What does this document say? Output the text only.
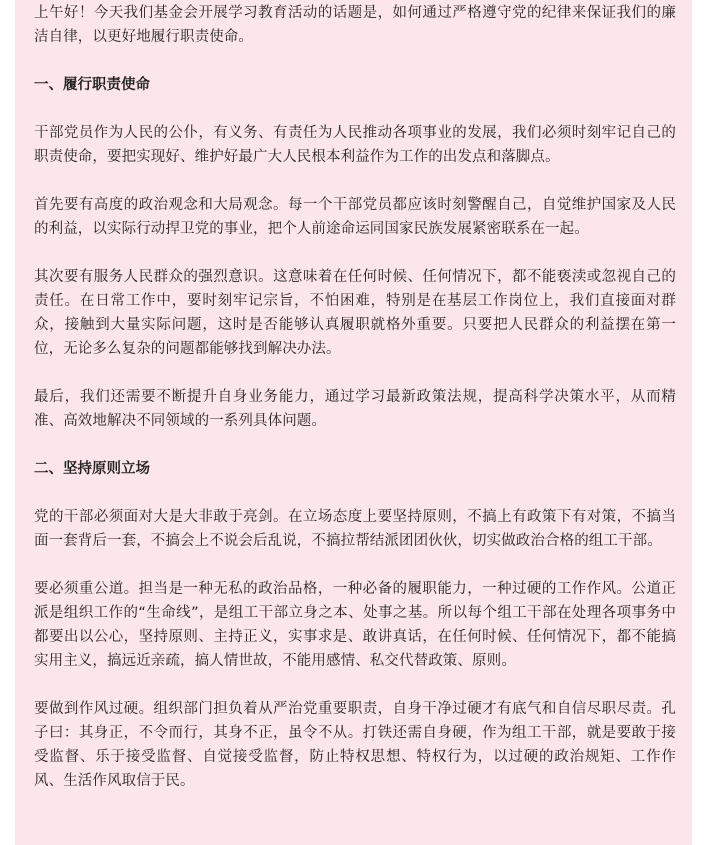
上午好！今天我们基金会开展学习教育活动的话题是，如何通过严格遵守党的纪律来保证我们的廉洁自律，以更好地履行职责使命。

一、履行职责使命

干部党员作为人民的公仆，有义务、有责任为人民推动各项事业的发展，我们必须时刻牢记自己的职责使命，要把实现好、维护好最广大人民根本利益作为工作的出发点和落脚点。

首先要有高度的政治观念和大局观念。每一个干部党员都应该时刻警醒自己，自觉维护国家及人民的利益，以实际行动捍卫党的事业，把个人前途命运同国家民族发展紧密联系在一起。

其次要有服务人民群众的强烈意识。这意味着在任何时候、任何情况下，都不能亵渎或忽视自己的责任。在日常工作中，要时刻牢记宗旨，不怕困难，特别是在基层工作岗位上，我们直接面对群众，接触到大量实际问题，这时是否能够认真履职就格外重要。只要把人民群众的利益摆在第一位，无论多么复杂的问题都能够找到解决办法。

最后，我们还需要不断提升自身业务能力，通过学习最新政策法规，提高科学决策水平，从而精准、高效地解决不同领域的一系列具体问题。

二、坚持原则立场

党的干部必须面对大是大非敢于亮剑。在立场态度上要坚持原则，不搞上有政策下有对策，不搞当面一套背后一套，不搞会上不说会后乱说，不搞拉帮结派团团伙伙，切实做政治合格的组工干部。

要必须重公道。担当是一种无私的政治品格，一种必备的履职能力，一种过硬的工作作风。公道正派是组织工作的“生命线”，是组工干部立身之本、处事之基。所以每个组工干部在处理各项事务中都要出以公心，坚持原则、主持正义，实事求是、敢讲真话，在任何时候、任何情况下，都不能搞实用主义，搞远近亲疏，搞人情世故，不能用感情、私交代替政策、原则。

要做到作风过硬。组织部门担负着从严治党重要职责，自身干净过硬才有底气和自信尽职尽责。孔子曰：其身正，不令而行，其身不正，虽令不从。打铁还需自身硬，作为组工干部，就是要敢于接受监督、乐于接受监督、自觉接受监督，防止特权思想、特权行为，以过硬的政治规矩、工作作风、生活作风取信于民。
